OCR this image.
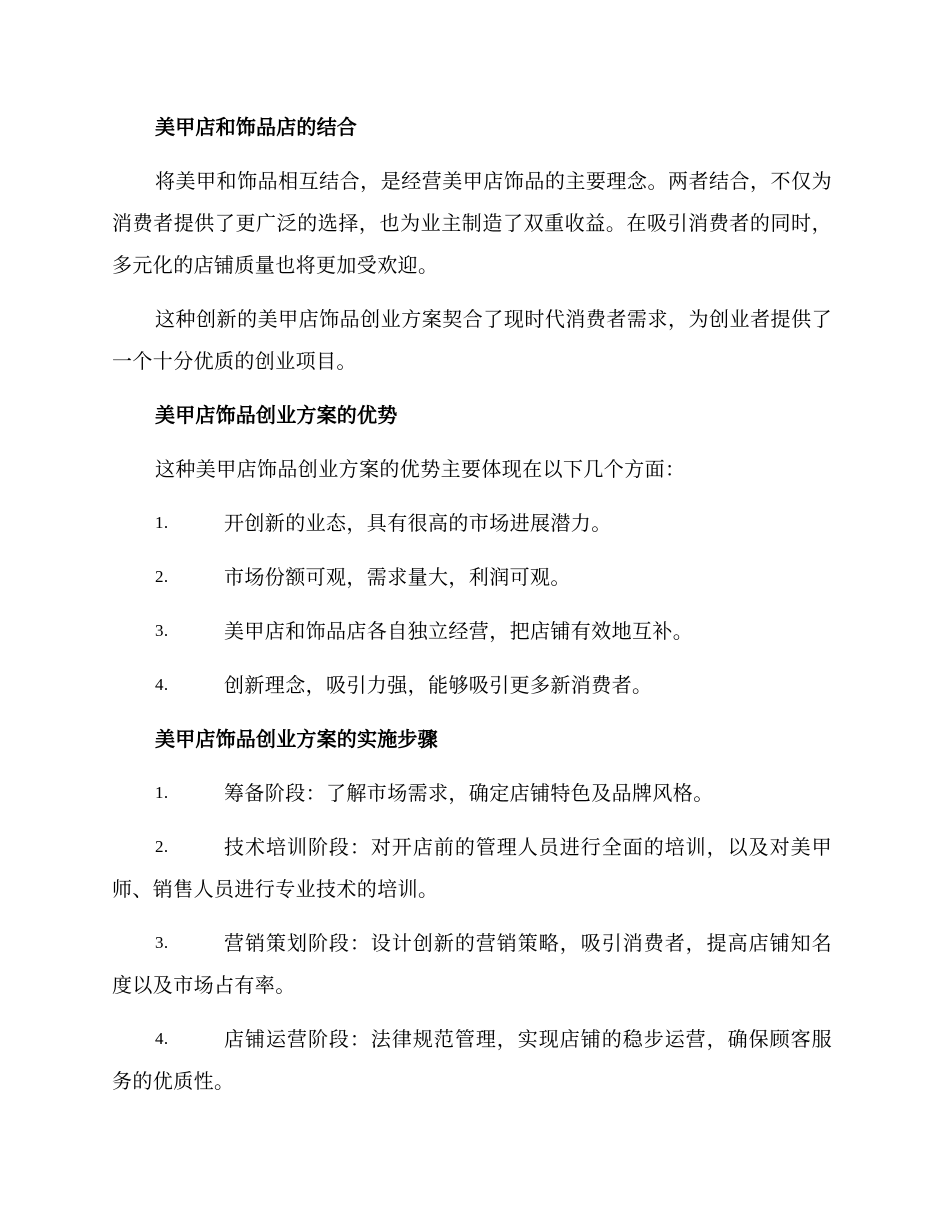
美甲店和饰品店的结合
将美甲和饰品相互结合，是经营美甲店饰品的主要理念。两者结合，不仅为消费者提供了更广泛的选择，也为业主制造了双重收益。在吸引消费者的同时，多元化的店铺质量也将更加受欢迎。
这种创新的美甲店饰品创业方案契合了现时代消费者需求，为创业者提供了一个十分优质的创业项目。
美甲店饰品创业方案的优势
这种美甲店饰品创业方案的优势主要体现在以下几个方面：
1.	开创新的业态，具有很高的市场进展潜力。
2.	市场份额可观，需求量大，利润可观。
3.	美甲店和饰品店各自独立经营，把店铺有效地互补。
4.	创新理念，吸引力强，能够吸引更多新消费者。
美甲店饰品创业方案的实施步骤
1.	筹备阶段：了解市场需求，确定店铺特色及品牌风格。
2.	技术培训阶段：对开店前的管理人员进行全面的培训，以及对美甲师、销售人员进行专业技术的培训。
3.	营销策划阶段：设计创新的营销策略，吸引消费者，提高店铺知名度以及市场占有率。
4.	店铺运营阶段：法律规范管理，实现店铺的稳步运营，确保顾客服务的优质性。
